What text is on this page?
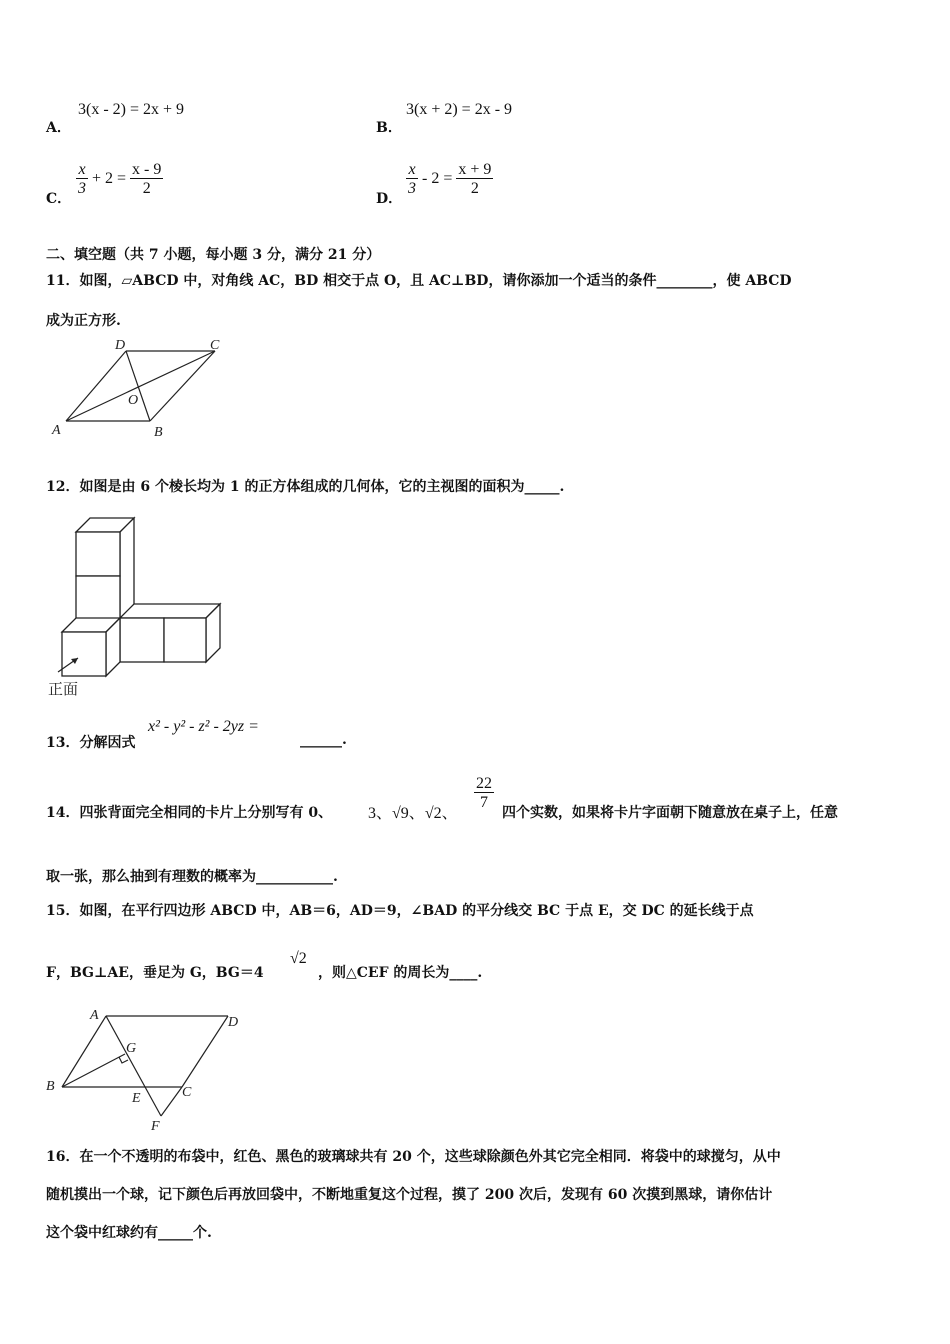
A．
3(x - 2) = 2x + 9
B．
3(x + 2) = 2x - 9
C．
$\frac{x}{3} + 2 = \frac{x - 9}{2}$
D．
$\frac{x}{3} - 2 = \frac{x + 9}{2}$
二、填空题（共 7 小题，每小题 3 分，满分 21 分）
11．如图，▱ABCD 中，对角线 AC，BD 相交于点 O，且 AC⊥BD，请你添加一个适当的条件________，使 ABCD
成为正方形.
A	B
C
D
O
12．如图是由 6 个棱长均为 1 的正方体组成的几何体，它的主视图的面积为_____.
正面
13．分解因式
x² - y² - z² - 2yz =
______.
14．四张背面完全相同的卡片上分别写有 0、 3、√9、√2、
$\frac{22}{7}$
四个实数，如果将卡片字面朝下随意放在桌子上，任意
取一张，那么抽到有理数的概率为___________.
15．如图，在平行四边形 ABCD 中，AB＝6，AD＝9，∠BAD 的平分线交 BC 于点 E，交 DC 的延长线于点
F，BG⊥AE，垂足为 G，BG＝4
√2
，则△CEF 的周长为____.
A
B	C
D
E
F
G
16．在一个不透明的布袋中，红色、黑色的玻璃球共有 20 个，这些球除颜色外其它完全相同．将袋中的球搅匀，从中
随机摸出一个球，记下颜色后再放回袋中，不断地重复这个过程，摸了 200 次后，发现有 60 次摸到黑球，请你估计
这个袋中红球约有_____个.
